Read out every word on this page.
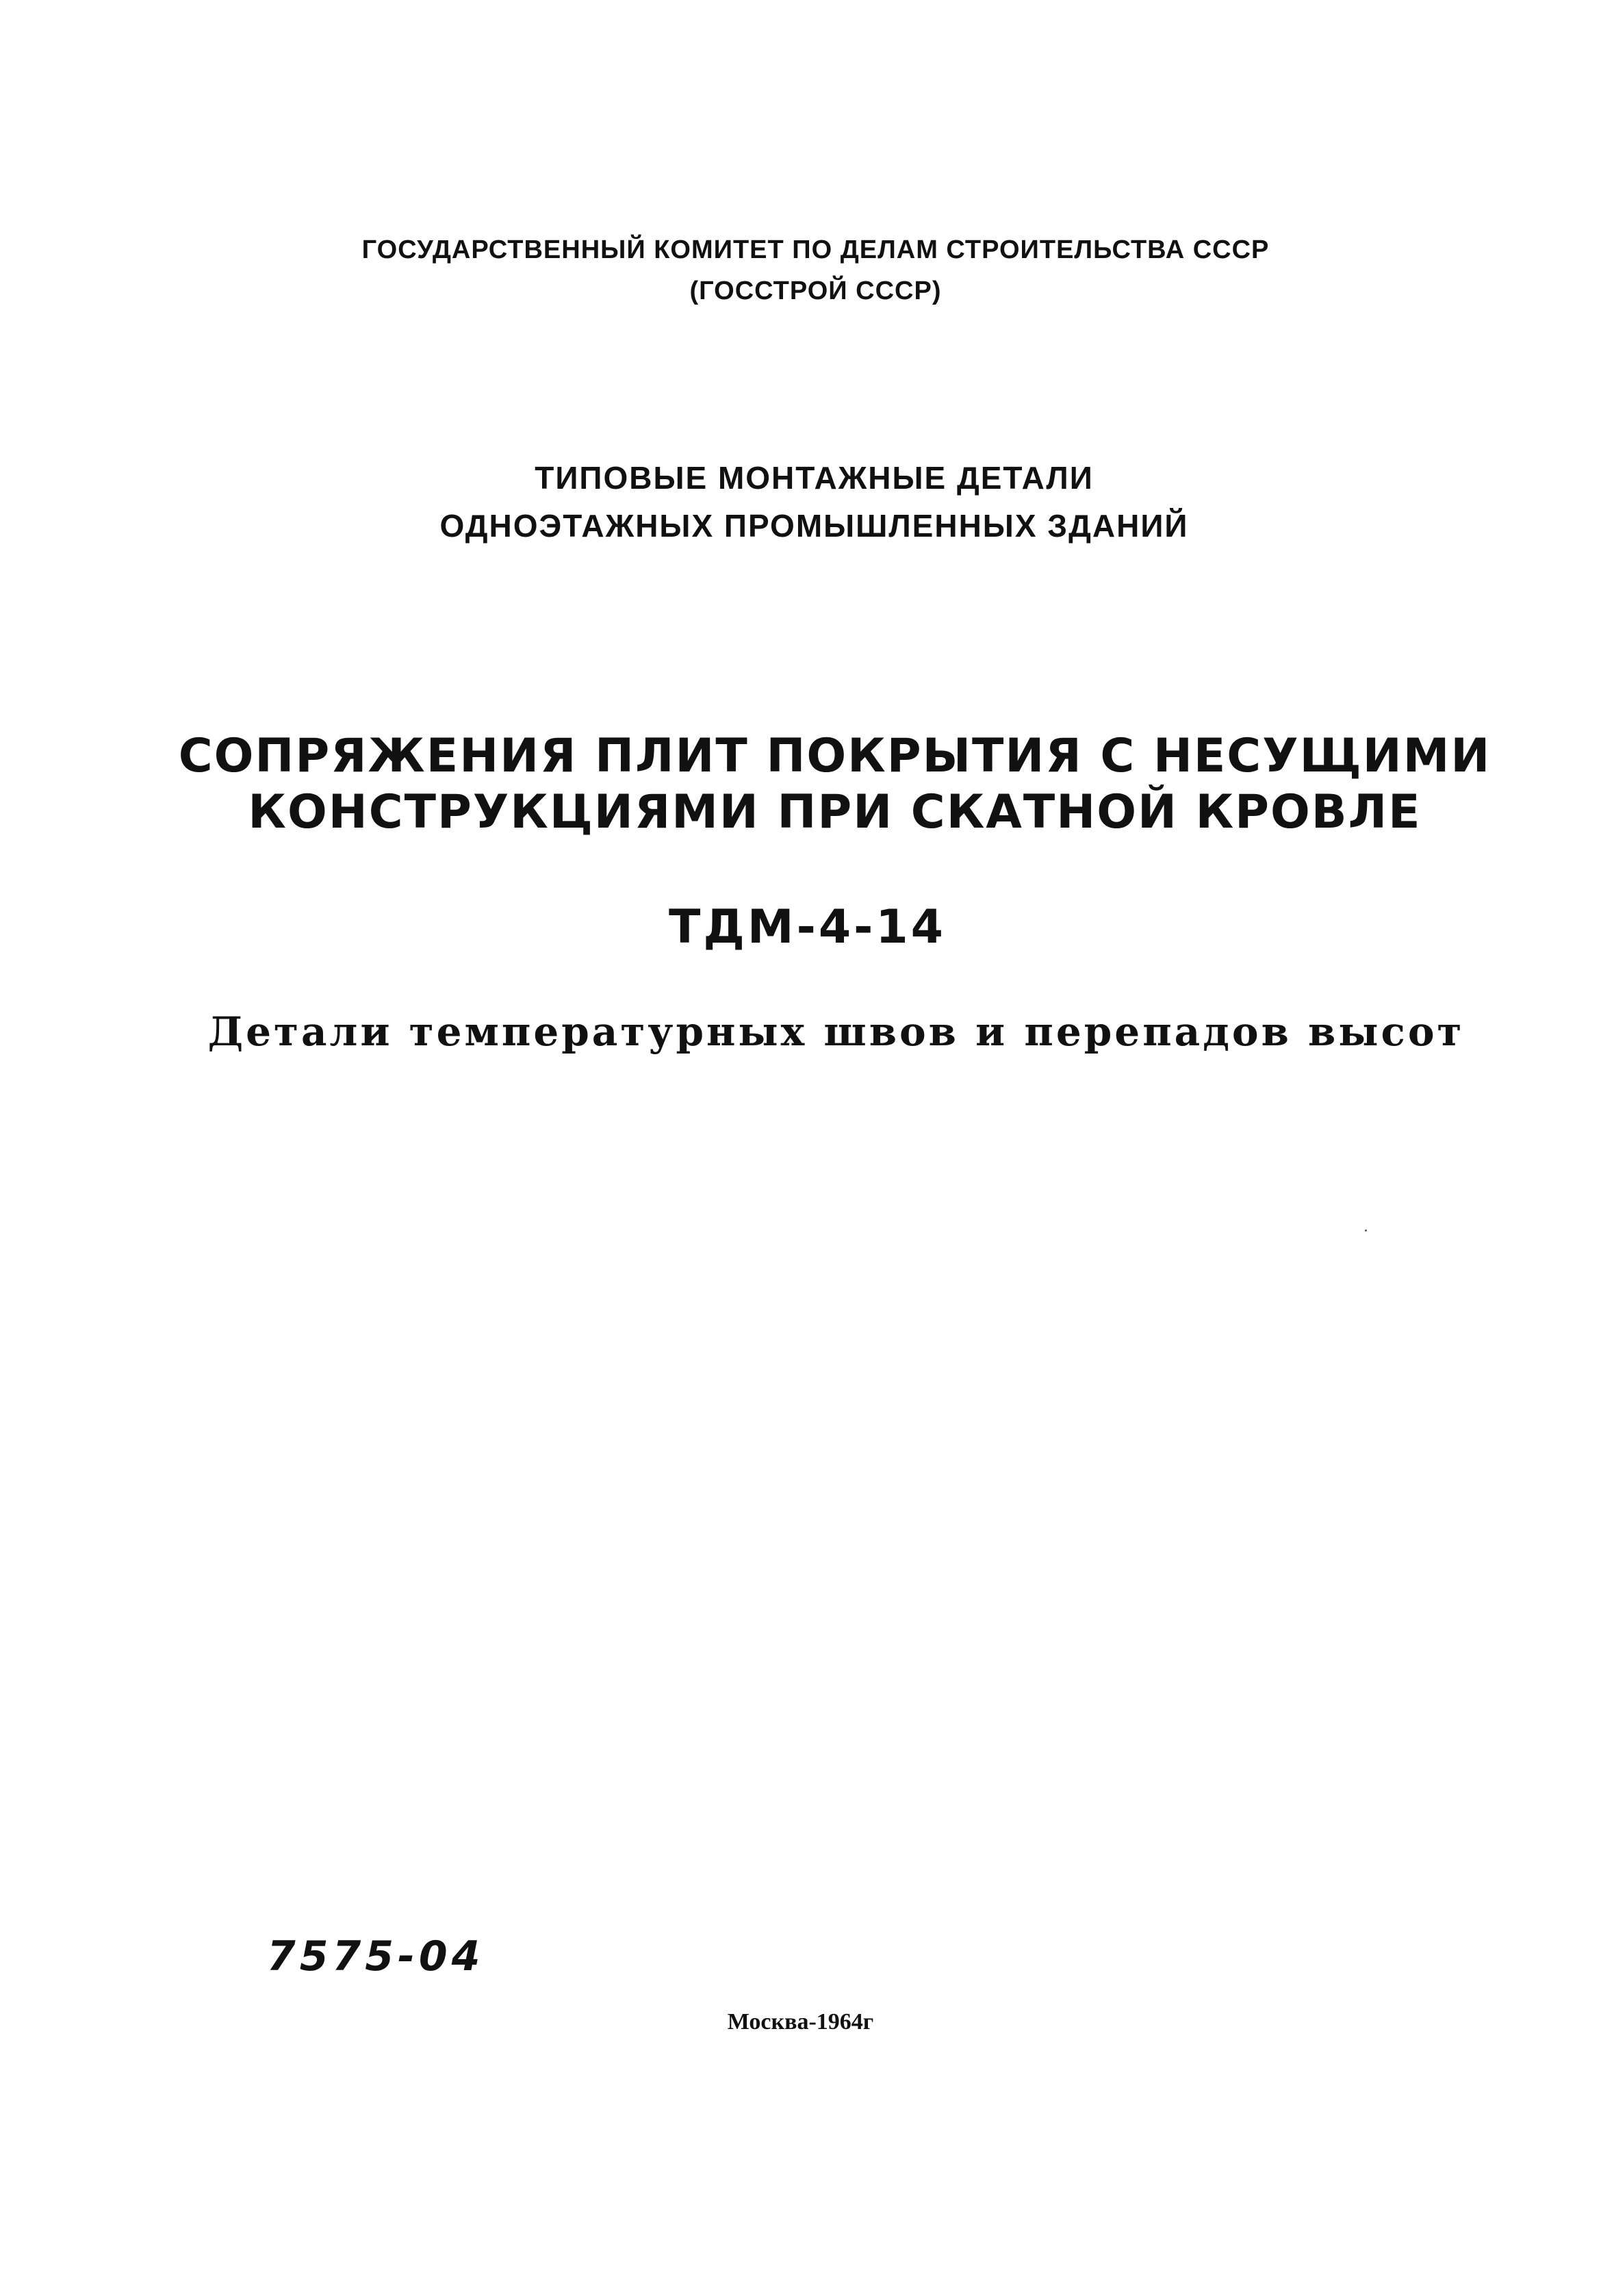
ГОСУДАРСТВЕННЫЙ КОМИТЕТ ПО ДЕЛАМ СТРОИТЕЛЬСТВА СССР
(ГОССТРОЙ СССР)
ТИПОВЫЕ МОНТАЖНЫЕ ДЕТАЛИ
ОДНОЭТАЖНЫХ ПРОМЫШЛЕННЫХ ЗДАНИЙ
СОПРЯЖЕНИЯ ПЛИТ ПОКРЫТИЯ С НЕСУЩИМИ
КОНСТРУКЦИЯМИ ПРИ СКАТНОЙ КРОВЛЕ
ТДМ-4-14
Детали температурных швов и перепадов высот
7575-04
Москва-1964г
